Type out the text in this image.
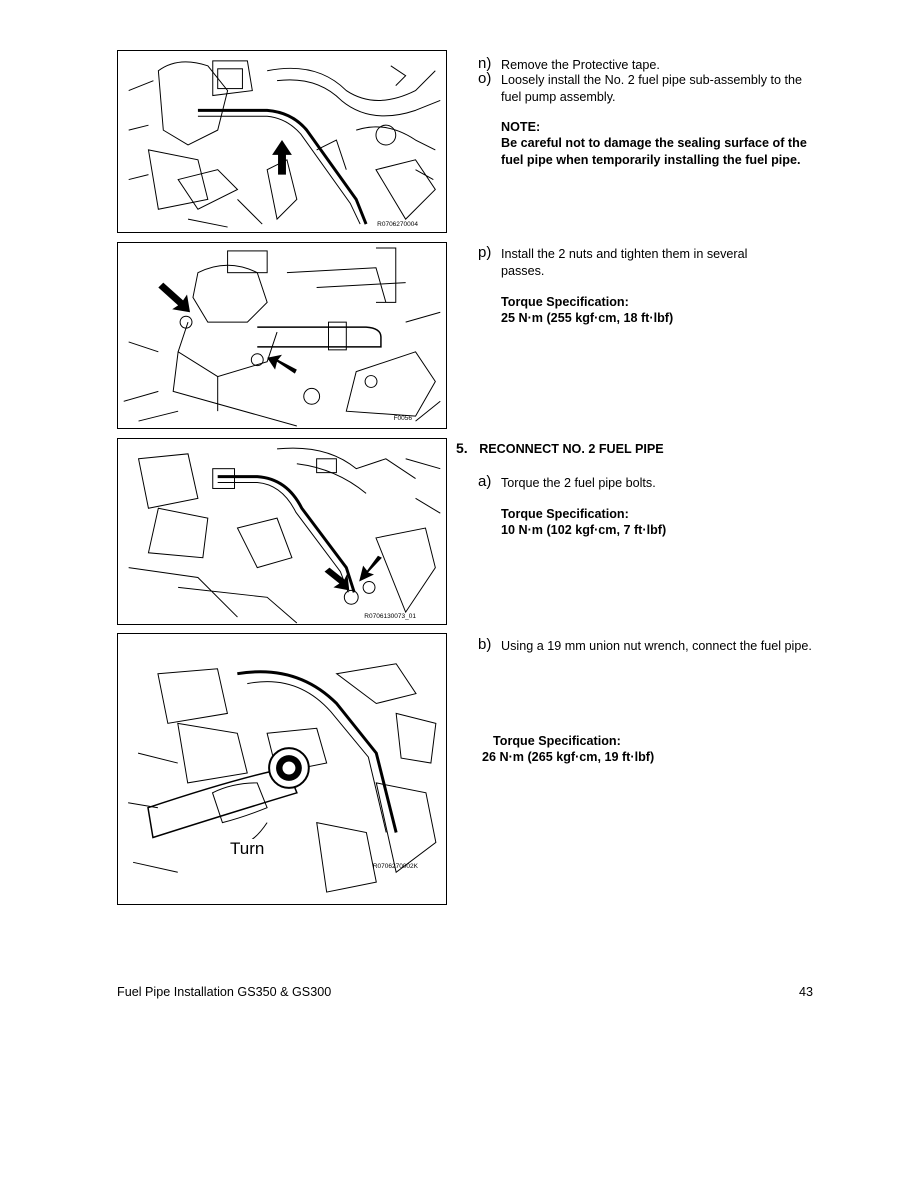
R0706270004
F0056
R0706130073_01
Turn
R0706270002K
n) Remove the Protective tape.
o) Loosely install the No. 2 fuel pipe sub-assembly to the fuel pump assembly.
NOTE:
Be careful not to damage the sealing surface of the fuel pipe when temporarily installing the fuel pipe.
p) Install the 2 nuts and tighten them in several passes.
Torque Specification:
25 N·m (255 kgf·cm, 18 ft·lbf)
5. RECONNECT NO. 2 FUEL PIPE
a) Torque the 2 fuel pipe bolts.
Torque Specification:
10 N·m (102 kgf·cm, 7 ft·lbf)
b) Using a 19 mm union nut wrench, connect the fuel pipe.
Torque Specification:
26 N·m (265 kgf·cm, 19 ft·lbf)
Fuel Pipe Installation GS350 & GS300	43
